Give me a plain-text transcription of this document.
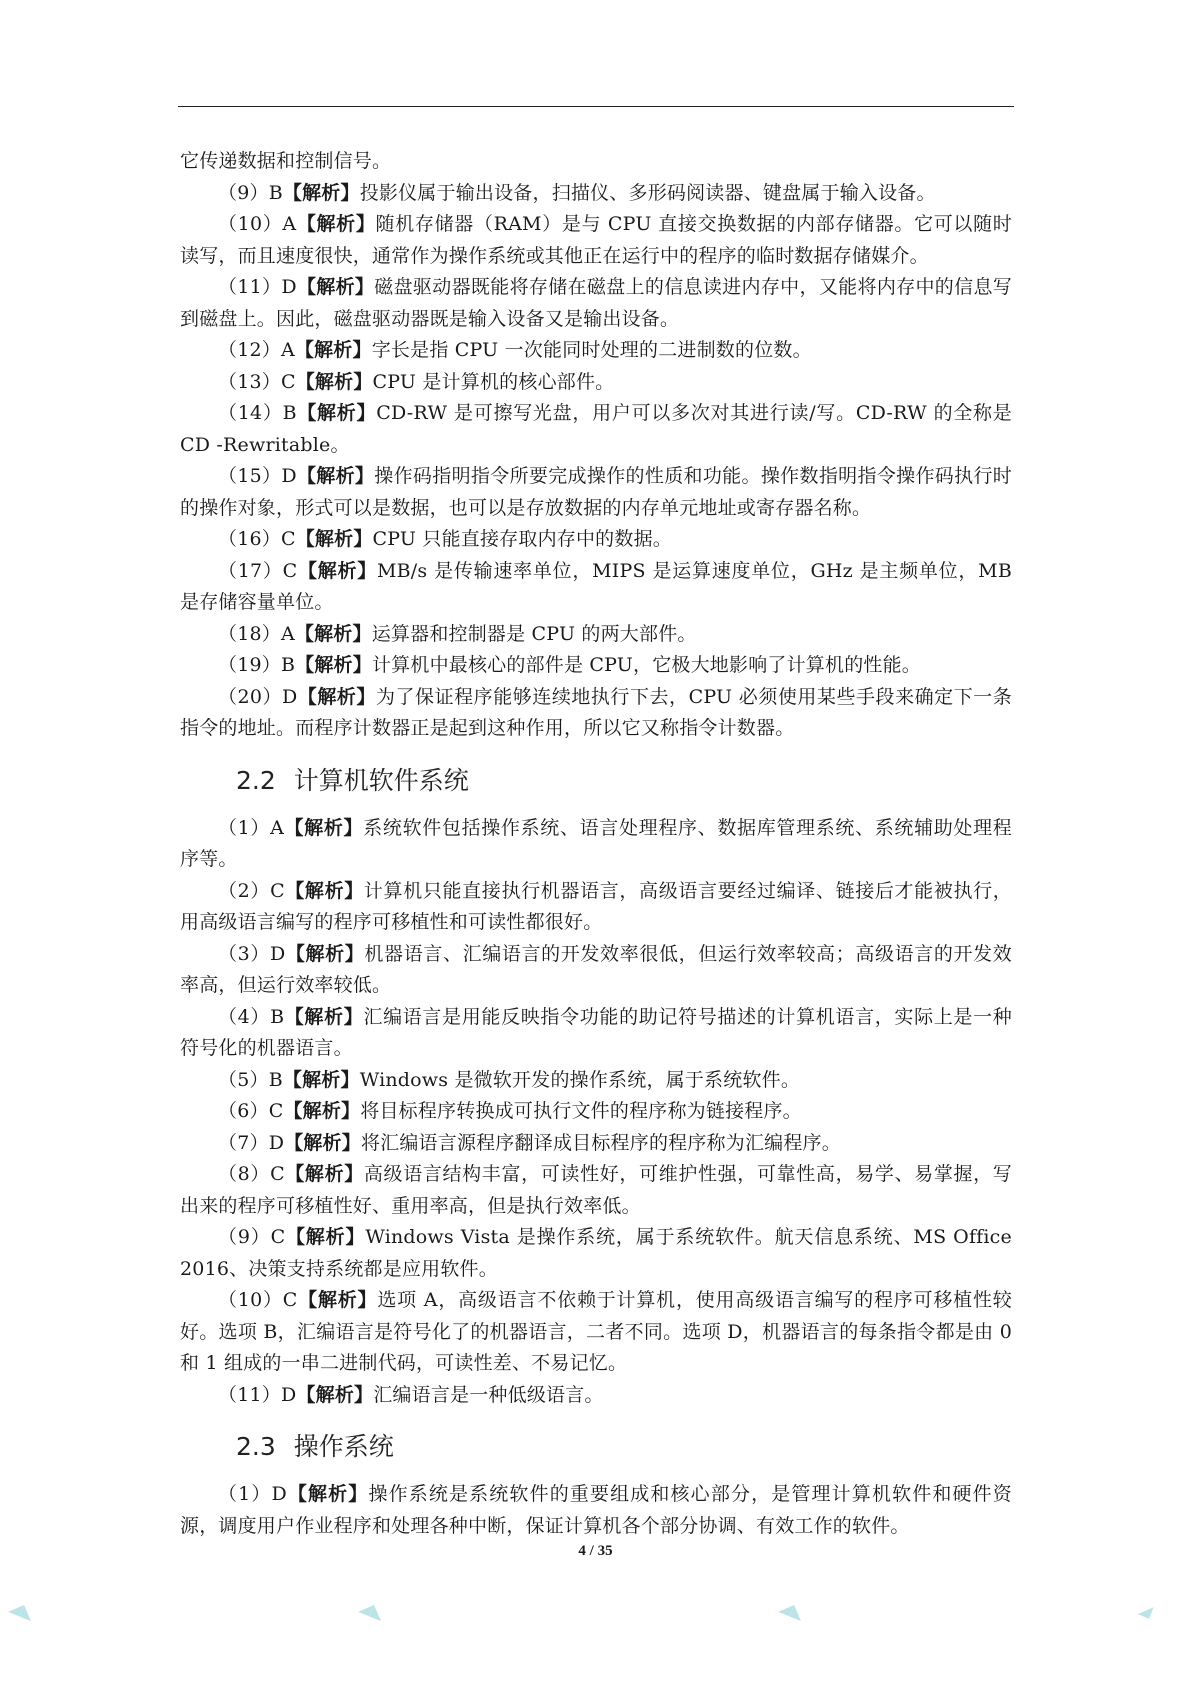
它传递数据和控制信号。

（9）B【解析】投影仪属于输出设备，扫描仪、多形码阅读器、键盘属于输入设备。

（10）A【解析】随机存储器（RAM）是与 CPU 直接交换数据的内部存储器。它可以随时读写，而且速度很快，通常作为操作系统或其他正在运行中的程序的临时数据存储媒介。

（11）D【解析】磁盘驱动器既能将存储在磁盘上的信息读进内存中，又能将内存中的信息写到磁盘上。因此，磁盘驱动器既是输入设备又是输出设备。

（12）A【解析】字长是指 CPU 一次能同时处理的二进制数的位数。

（13）C【解析】CPU 是计算机的核心部件。

（14）B【解析】CD-RW 是可擦写光盘，用户可以多次对其进行读/写。CD-RW 的全称是 CD -Rewritable。

（15）D【解析】操作码指明指令所要完成操作的性质和功能。操作数指明指令操作码执行时的操作对象，形式可以是数据，也可以是存放数据的内存单元地址或寄存器名称。

（16）C【解析】CPU 只能直接存取内存中的数据。

（17）C【解析】MB/s 是传输速率单位，MIPS 是运算速度单位，GHz 是主频单位，MB 是存储容量单位。

（18）A【解析】运算器和控制器是 CPU 的两大部件。

（19）B【解析】计算机中最核心的部件是 CPU，它极大地影响了计算机的性能。

（20）D【解析】为了保证程序能够连续地执行下去，CPU 必须使用某些手段来确定下一条指令的地址。而程序计数器正是起到这种作用，所以它又称指令计数器。

2.2 计算机软件系统

（1）A【解析】系统软件包括操作系统、语言处理程序、数据库管理系统、系统辅助处理程序等。

（2）C【解析】计算机只能直接执行机器语言，高级语言要经过编译、链接后才能被执行，用高级语言编写的程序可移植性和可读性都很好。

（3）D【解析】机器语言、汇编语言的开发效率很低，但运行效率较高；高级语言的开发效率高，但运行效率较低。

（4）B【解析】汇编语言是用能反映指令功能的助记符号描述的计算机语言，实际上是一种符号化的机器语言。

（5）B【解析】Windows 是微软开发的操作系统，属于系统软件。

（6）C【解析】将目标程序转换成可执行文件的程序称为链接程序。

（7）D【解析】将汇编语言源程序翻译成目标程序的程序称为汇编程序。

（8）C【解析】高级语言结构丰富，可读性好，可维护性强，可靠性高，易学、易掌握，写出来的程序可移植性好、重用率高，但是执行效率低。

（9）C【解析】Windows Vista 是操作系统，属于系统软件。航天信息系统、MS Office 2016、决策支持系统都是应用软件。

（10）C【解析】选项 A，高级语言不依赖于计算机，使用高级语言编写的程序可移植性较好。选项 B，汇编语言是符号化了的机器语言，二者不同。选项 D，机器语言的每条指令都是由 0 和 1 组成的一串二进制代码，可读性差、不易记忆。

（11）D【解析】汇编语言是一种低级语言。

2.3 操作系统

（1）D【解析】操作系统是系统软件的重要组成和核心部分，是管理计算机软件和硬件资源，调度用户作业程序和处理各种中断，保证计算机各个部分协调、有效工作的软件。

4 / 35
◢◣	◢◣	◢◣	◢
